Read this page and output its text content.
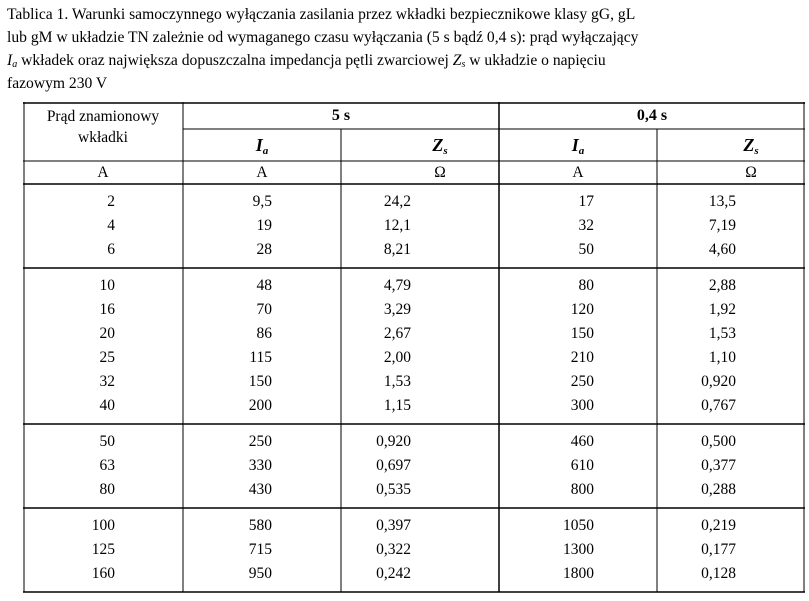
Tablica 1. Warunki samoczynnego wyłączania zasilania przez wkładki bezpiecznikowe klasy gG, gL
lub gM w układzie TN zależnie od wymaganego czasu wyłączania (5 s bądź 0,4 s): prąd wyłączający
$I_a$ wkładek oraz największa dopuszczalna impedancja pętli zwarciowej $Z_s$ w układzie o napięciu
fazowym 230 V
Prąd znamionowy
wkładki
5 s	0,4 s
$I_a$	$Z_s$	$I_a$	$Z_s$
A	A	Ω	A	Ω
2	9,5	24,2	17	13,5
4	19	12,1	32	7,19
6	28	8,21	50	4,60
10	48	4,79	80	2,88
16	70	3,29	120	1,92
20	86	2,67	150	1,53
25	115	2,00	210	1,10
32	150	1,53	250	0,920
40	200	1,15	300	0,767
50	250	0,920	460	0,500
63	330	0,697	610	0,377
80	430	0,535	800	0,288
100	580	0,397	1050	0,219
125	715	0,322	1300	0,177
160	950	0,242	1800	0,128
